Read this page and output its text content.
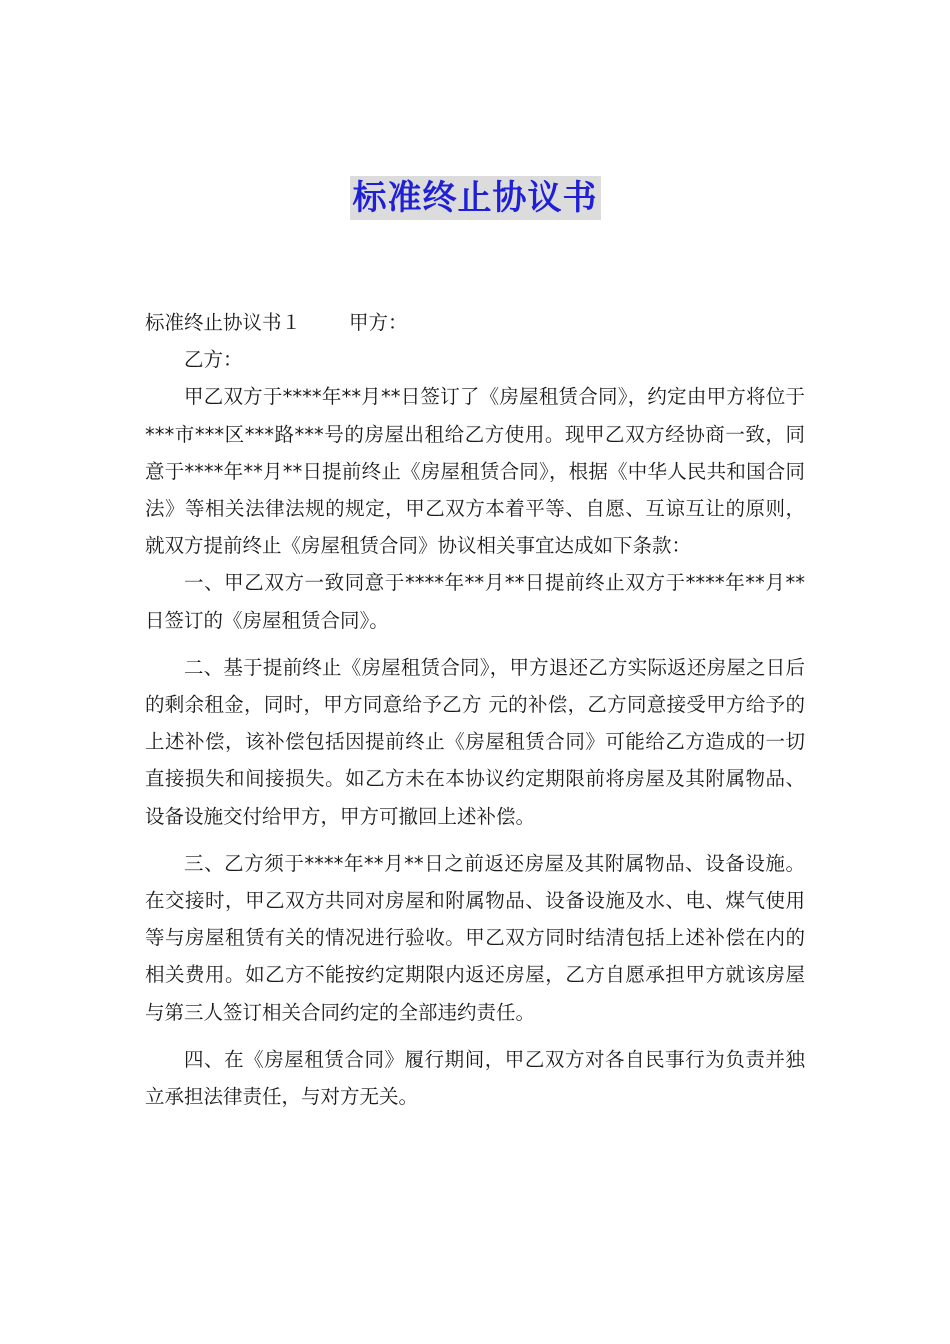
标准终止协议书

标准终止协议书１ 甲方：

乙方：

甲乙双方于****年**月**日签订了《房屋租赁合同》，约定由甲方将位于***市***区***路***号的房屋出租给乙方使用。现甲乙双方经协商一致，同意于****年**月**日提前终止《房屋租赁合同》，根据《中华人民共和国合同法》等相关法律法规的规定，甲乙双方本着平等、自愿、互谅互让的原则，就双方提前终止《房屋租赁合同》协议相关事宜达成如下条款：

一、甲乙双方一致同意于****年**月**日提前终止双方于****年**月**日签订的《房屋租赁合同》。

二、基于提前终止《房屋租赁合同》，甲方退还乙方实际返还房屋之日后的剩余租金，同时，甲方同意给予乙方 元的补偿，乙方同意接受甲方给予的上述补偿，该补偿包括因提前终止《房屋租赁合同》可能给乙方造成的一切直接损失和间接损失。如乙方未在本协议约定期限前将房屋及其附属物品、设备设施交付给甲方，甲方可撤回上述补偿。

三、乙方须于****年**月**日之前返还房屋及其附属物品、设备设施。在交接时，甲乙双方共同对房屋和附属物品、设备设施及水、电、煤气使用等与房屋租赁有关的情况进行验收。甲乙双方同时结清包括上述补偿在内的相关费用。如乙方不能按约定期限内返还房屋，乙方自愿承担甲方就该房屋与第三人签订相关合同约定的全部违约责任。

四、在《房屋租赁合同》履行期间，甲乙双方对各自民事行为负责并独立承担法律责任，与对方无关。
